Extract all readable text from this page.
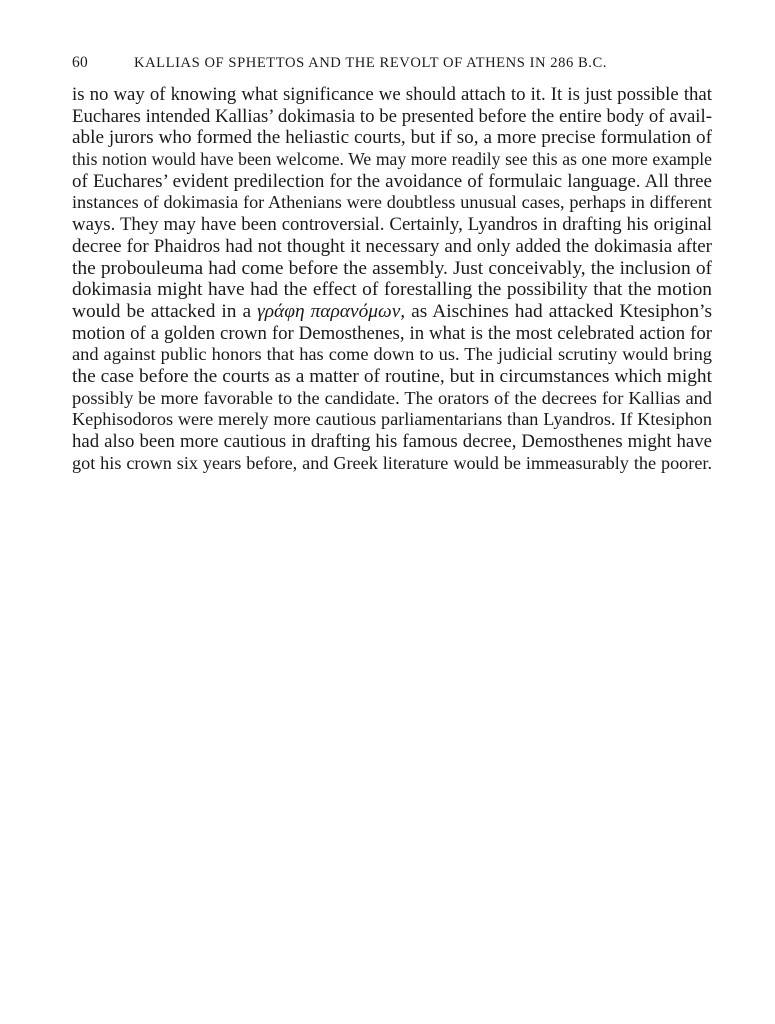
60	KALLIAS OF SPHETTOS AND THE REVOLT OF ATHENS IN 286 B.C.
is no way of knowing what significance we should attach to it. It is just possible that
Euchares intended Kallias’ dokimasia to be presented before the entire body of avail-
able jurors who formed the heliastic courts, but if so, a more precise formulation of
this notion would have been welcome. We may more readily see this as one more example
of Euchares’ evident predilection for the avoidance of formulaic language. All three
instances of dokimasia for Athenians were doubtless unusual cases, perhaps in different
ways. They may have been controversial. Certainly, Lyandros in drafting his original
decree for Phaidros had not thought it necessary and only added the dokimasia after
the probouleuma had come before the assembly. Just conceivably, the inclusion of
dokimasia might have had the effect of forestalling the possibility that the motion
would be attacked in a γράφη παρανόμων, as Aischines had attacked Ktesiphon’s
motion of a golden crown for Demosthenes, in what is the most celebrated action for
and against public honors that has come down to us. The judicial scrutiny would bring
the case before the courts as a matter of routine, but in circumstances which might
possibly be more favorable to the candidate. The orators of the decrees for Kallias and
Kephisodoros were merely more cautious parliamentarians than Lyandros. If Ktesiphon
had also been more cautious in drafting his famous decree, Demosthenes might have
got his crown six years before, and Greek literature would be immeasurably the poorer.
